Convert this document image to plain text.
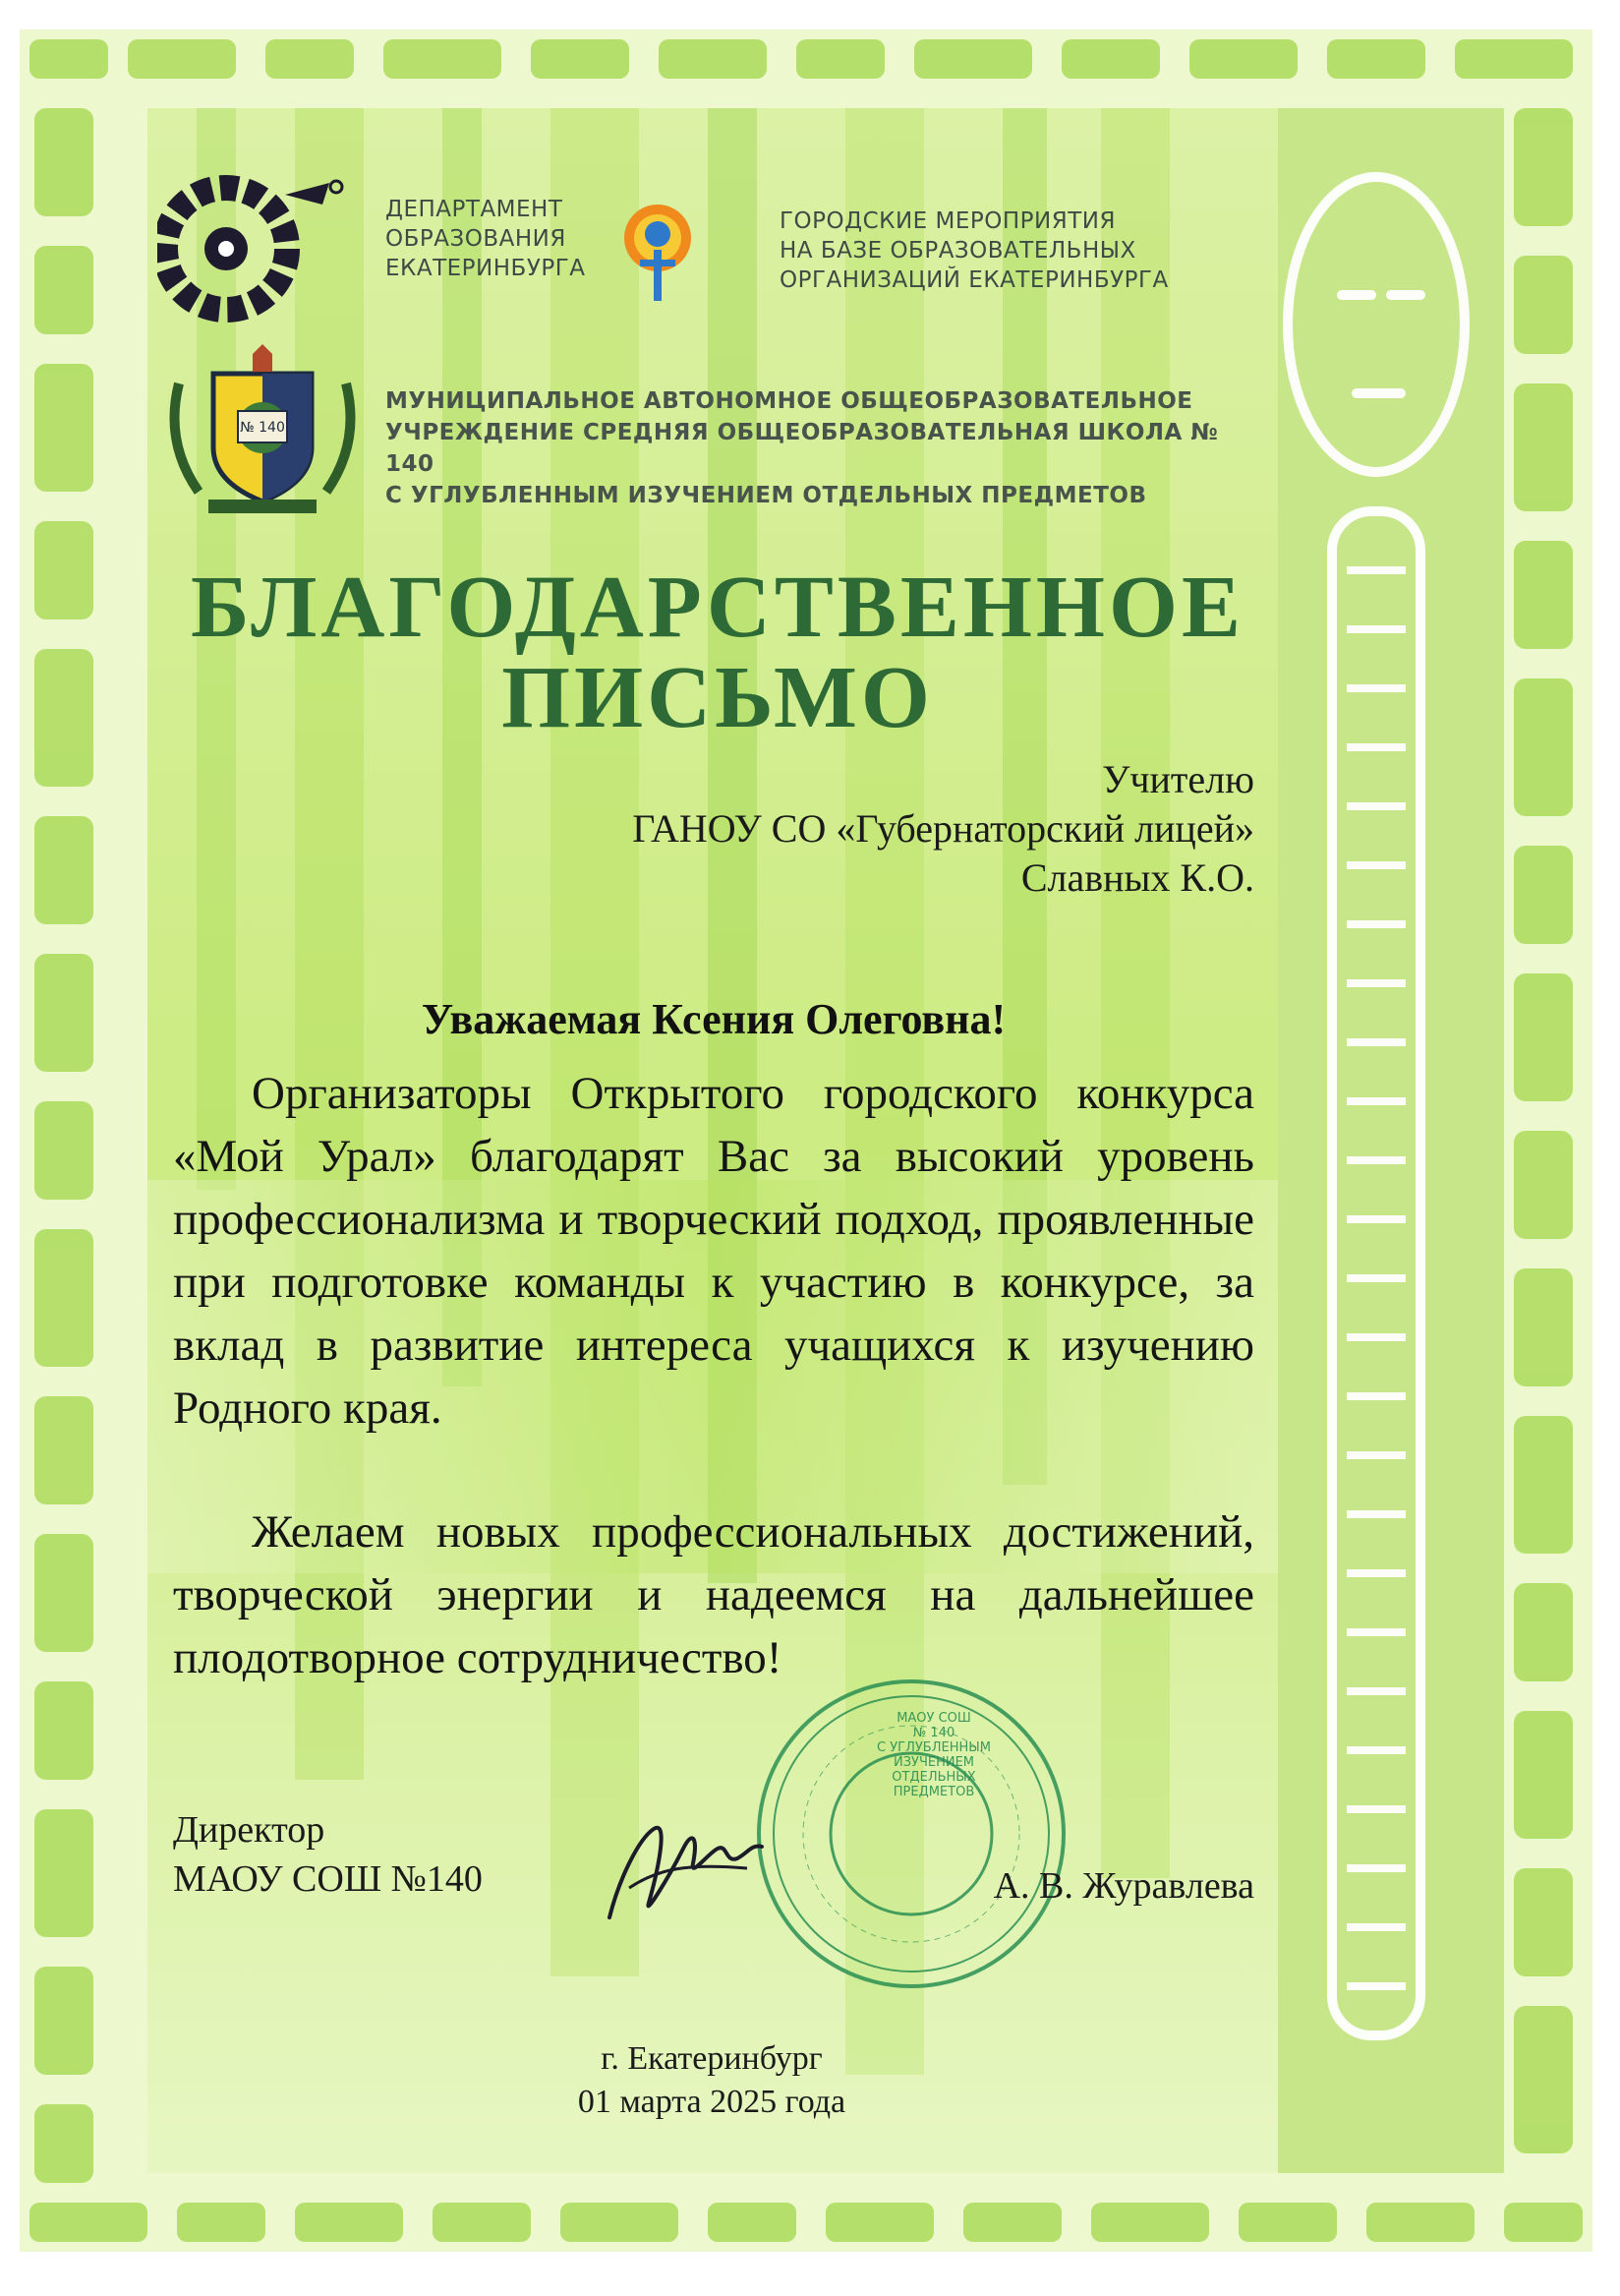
ДЕПАРТАМЕНТ
ОБРАЗОВАНИЯ
ЕКАТЕРИНБУРГА
ГОРОДСКИЕ МЕРОПРИЯТИЯ
НА БАЗЕ ОБРАЗОВАТЕЛЬНЫХ
ОРГАНИЗАЦИЙ ЕКАТЕРИНБУРГА
№ 140
МУНИЦИПАЛЬНОЕ АВТОНОМНОЕ ОБЩЕОБРАЗОВАТЕЛЬНОЕ
УЧРЕЖДЕНИЕ СРЕДНЯЯ ОБЩЕОБРАЗОВАТЕЛЬНАЯ ШКОЛА № 140
С УГЛУБЛЕННЫМ ИЗУЧЕНИЕМ ОТДЕЛЬНЫХ ПРЕДМЕТОВ
БЛАГОДАРСТВЕННОЕ
ПИСЬМО
Учителю
ГАНОУ СО «Губернаторский лицей»
Славных К.О.
Уважаемая Ксения Олеговна!
Организаторы Открытого городского конкурса «Мой Урал» благодарят Вас за высокий уровень профессионализма и творческий подход, проявленные при подготовке команды к участию в конкурсе, за вклад в развитие интереса учащихся к изучению Родного края.
Желаем новых профессиональных достижений, творческой энергии и надеемся на дальнейшее плодотворное сотрудничество!
МАОУ СОШ
№ 140
С УГЛУБЛЕННЫМ
ИЗУЧЕНИЕМ
ОТДЕЛЬНЫХ
ПРЕДМЕТОВ
Директор
МАОУ СОШ №140	А. В. Журавлева
г. Екатеринбург
01 марта 2025 года
